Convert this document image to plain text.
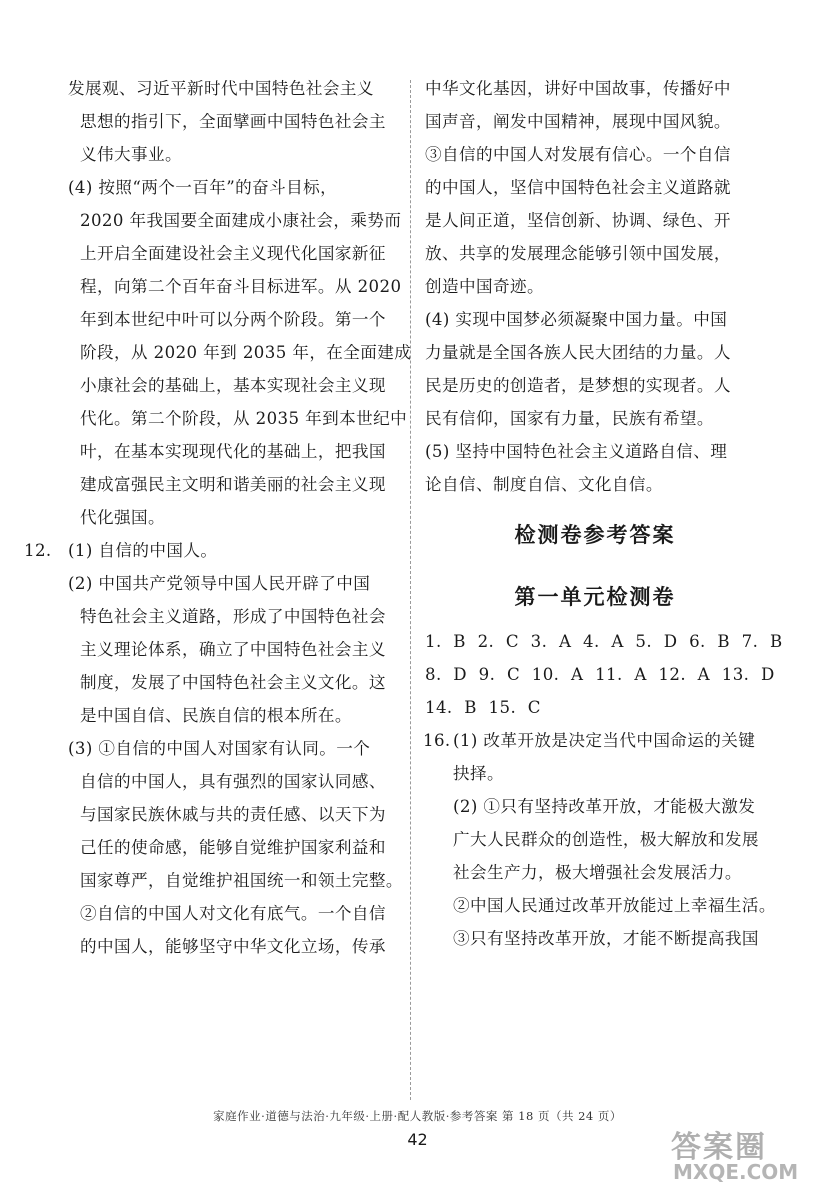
发展观、习近平新时代中国特色社会主义
思想的指引下，全面擘画中国特色社会主
义伟大事业。
(4) 按照“两个一百年”的奋斗目标，
2020 年我国要全面建成小康社会，乘势而
上开启全面建设社会主义现代化国家新征
程，向第二个百年奋斗目标进军。从 2020
年到本世纪中叶可以分两个阶段。第一个
阶段，从 2020 年到 2035 年，在全面建成
小康社会的基础上，基本实现社会主义现
代化。第二个阶段，从 2035 年到本世纪中
叶，在基本实现现代化的基础上，把我国
建成富强民主文明和谐美丽的社会主义现
代化强国。
12. (1) 自信的中国人。
(2) 中国共产党领导中国人民开辟了中国
特色社会主义道路，形成了中国特色社会
主义理论体系，确立了中国特色社会主义
制度，发展了中国特色社会主义文化。这
是中国自信、民族自信的根本所在。
(3) ①自信的中国人对国家有认同。一个
自信的中国人，具有强烈的国家认同感、
与国家民族休戚与共的责任感、以天下为
己任的使命感，能够自觉维护国家利益和
国家尊严，自觉维护祖国统一和领土完整。
②自信的中国人对文化有底气。一个自信
的中国人，能够坚守中华文化立场，传承
中华文化基因，讲好中国故事，传播好中
国声音，阐发中国精神，展现中国风貌。
③自信的中国人对发展有信心。一个自信
的中国人，坚信中国特色社会主义道路就
是人间正道，坚信创新、协调、绿色、开
放、共享的发展理念能够引领中国发展，
创造中国奇迹。
(4) 实现中国梦必须凝聚中国力量。中国
力量就是全国各族人民大团结的力量。人
民是历史的创造者，是梦想的实现者。人
民有信仰，国家有力量，民族有希望。
(5) 坚持中国特色社会主义道路自信、理
论自信、制度自信、文化自信。
检测卷参考答案
第一单元检测卷
1. B 2. C 3. A 4. A 5. D 6. B 7. B
8. D 9. C 10. A 11. A 12. A 13. D
14. B 15. C
16. (1) 改革开放是决定当代中国命运的关键
抉择。
(2) ①只有坚持改革开放，才能极大激发
广大人民群众的创造性，极大解放和发展
社会生产力，极大增强社会发展活力。
②中国人民通过改革开放能过上幸福生活。
③只有坚持改革开放，才能不断提高我国
家庭作业·道德与法治·九年级·上册·配人教版·参考答案 第 18 页（共 24 页）
42	答案圈
MXQE.COM
